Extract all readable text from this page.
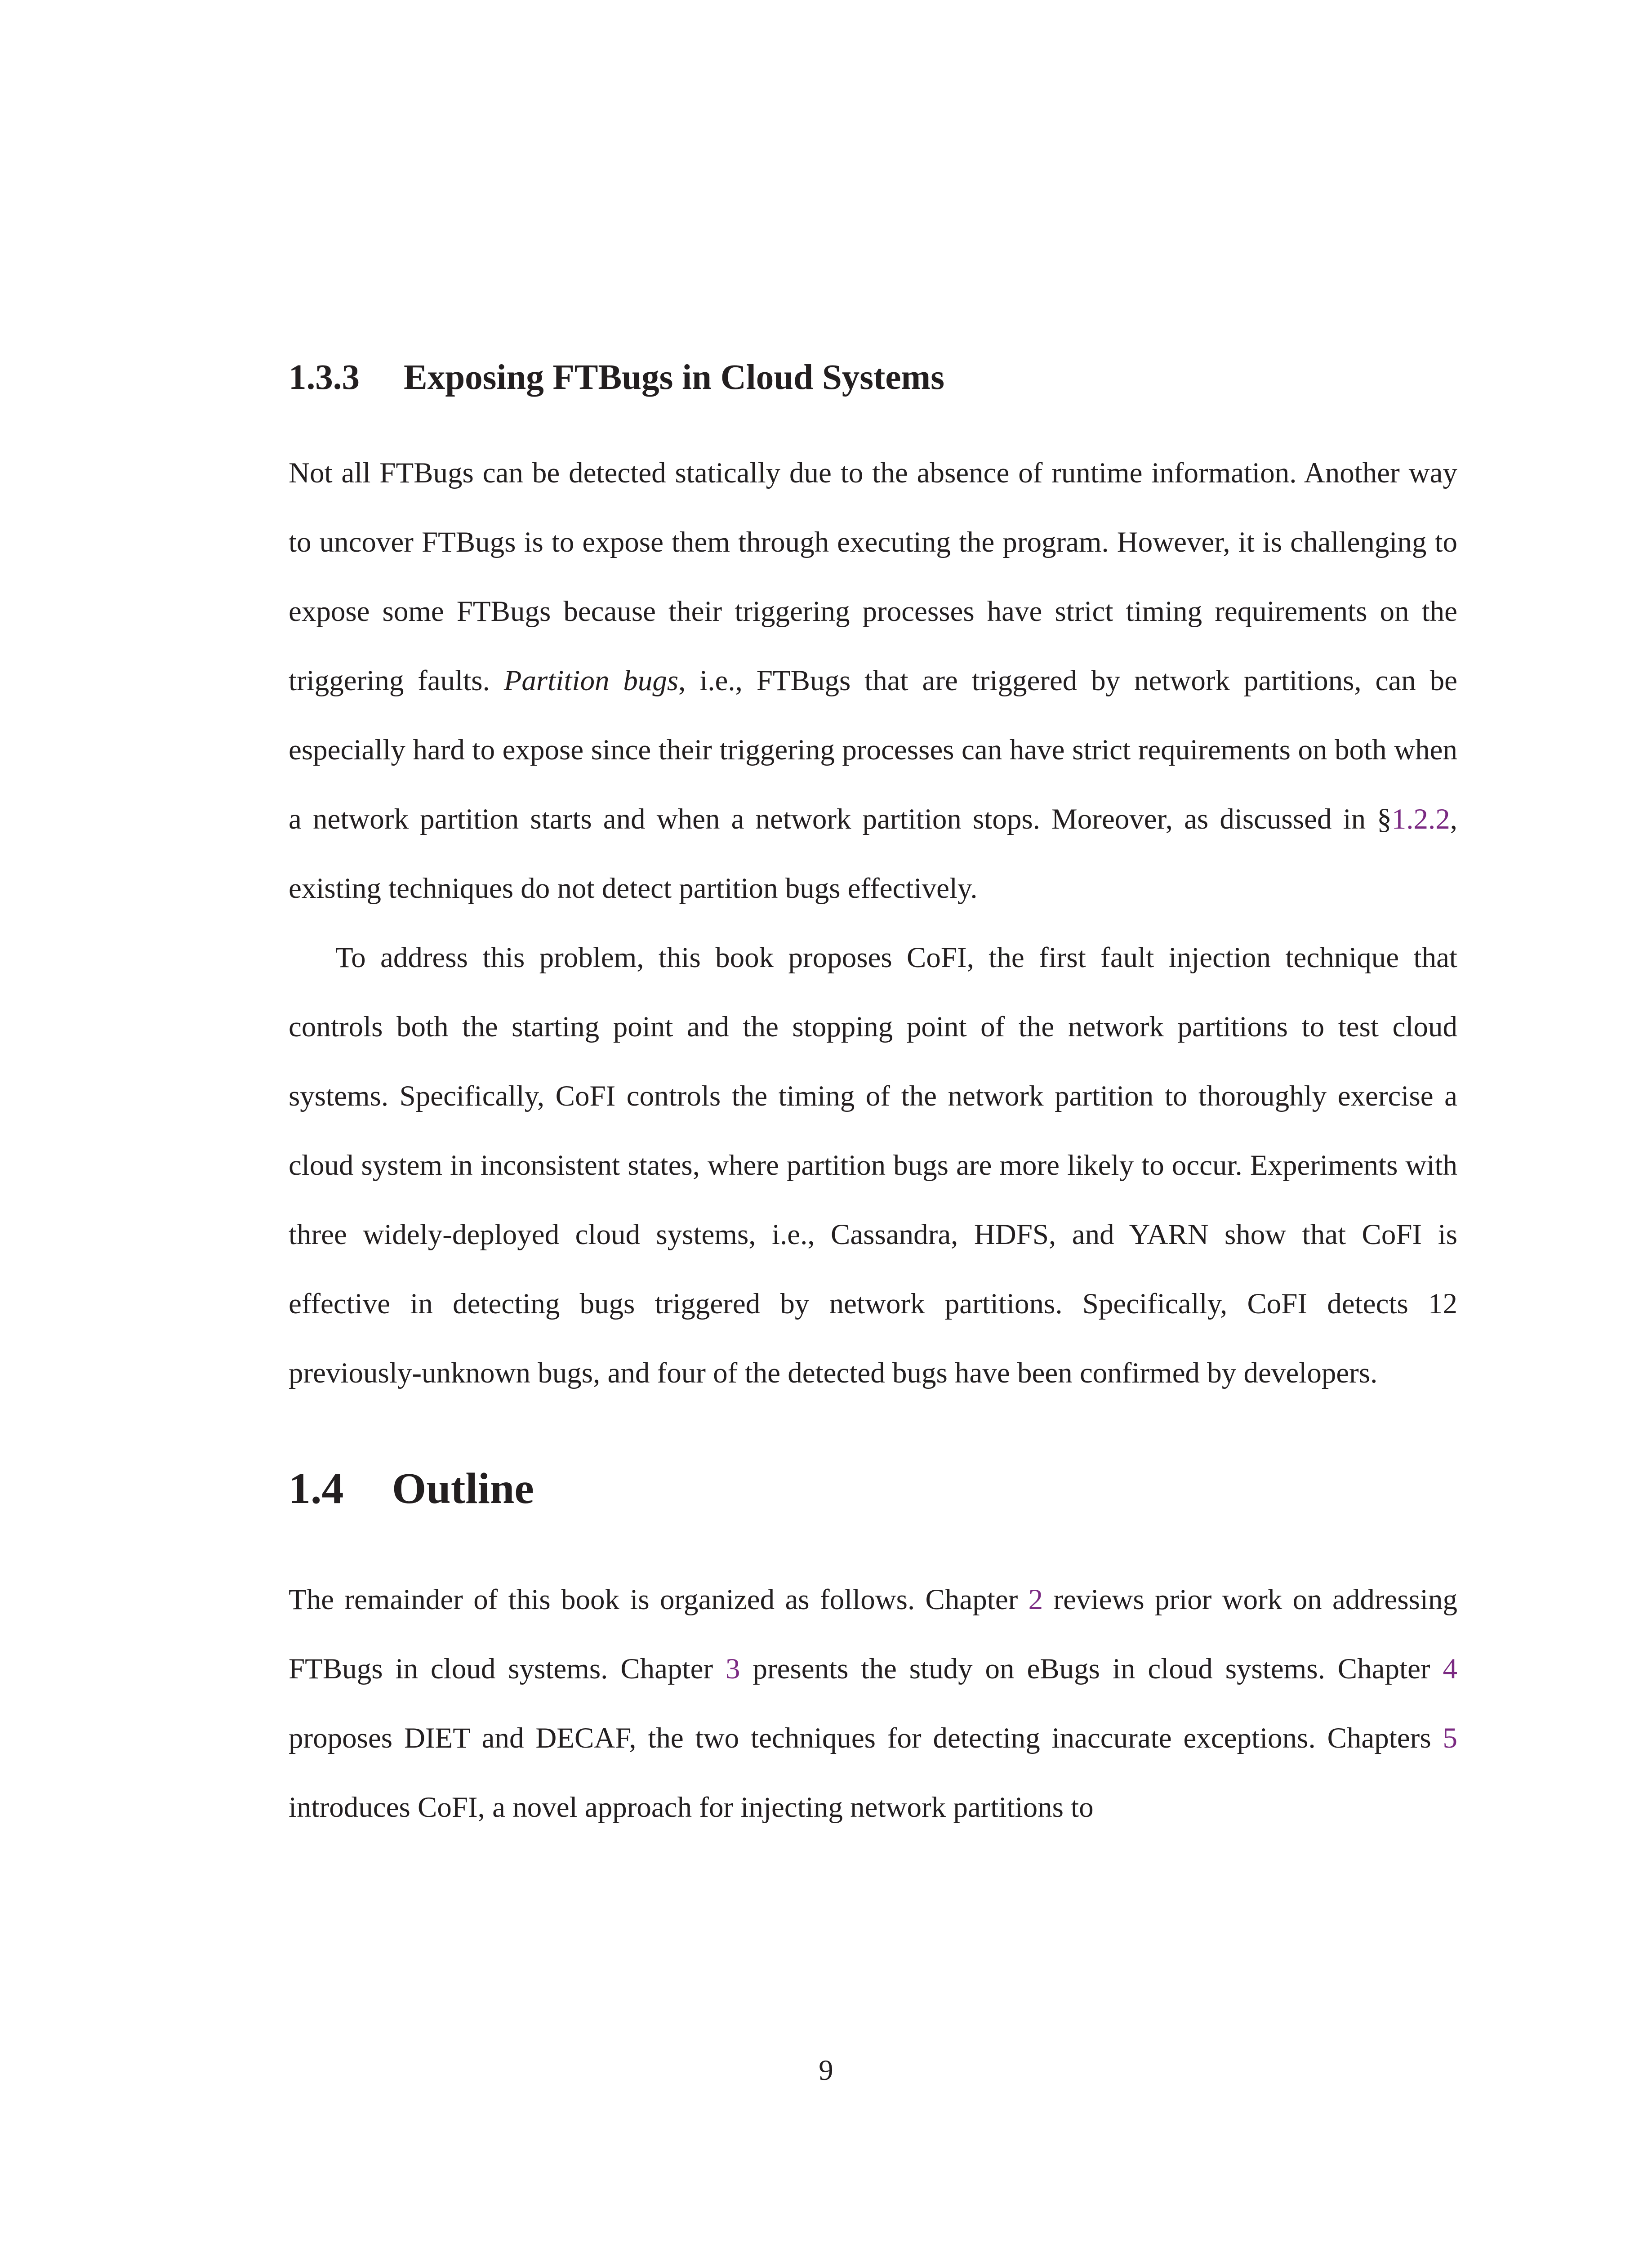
1.3.3 Exposing FTBugs in Cloud Systems

Not all FTBugs can be detected statically due to the absence of runtime information. Another way to uncover FTBugs is to expose them through executing the program. However, it is challenging to expose some FTBugs because their triggering processes have strict timing requirements on the triggering faults. Partition bugs, i.e., FTBugs that are triggered by network partitions, can be especially hard to expose since their triggering processes can have strict requirements on both when a network partition starts and when a network partition stops. Moreover, as discussed in §1.2.2, existing techniques do not detect partition bugs effectively.

To address this problem, this book proposes CoFI, the first fault injection technique that controls both the starting point and the stopping point of the network partitions to test cloud systems. Specifically, CoFI controls the timing of the network partition to thoroughly exercise a cloud system in inconsistent states, where partition bugs are more likely to occur. Experiments with three widely-deployed cloud systems, i.e., Cassandra, HDFS, and YARN show that CoFI is effective in detecting bugs triggered by network partitions. Specifically, CoFI detects 12 previously-unknown bugs, and four of the detected bugs have been confirmed by developers.

1.4 Outline

The remainder of this book is organized as follows. Chapter 2 reviews prior work on addressing FTBugs in cloud systems. Chapter 3 presents the study on eBugs in cloud systems. Chapter 4 proposes DIET and DECAF, the two techniques for detecting inaccurate exceptions. Chapters 5 introduces CoFI, a novel approach for injecting network partitions to

9
